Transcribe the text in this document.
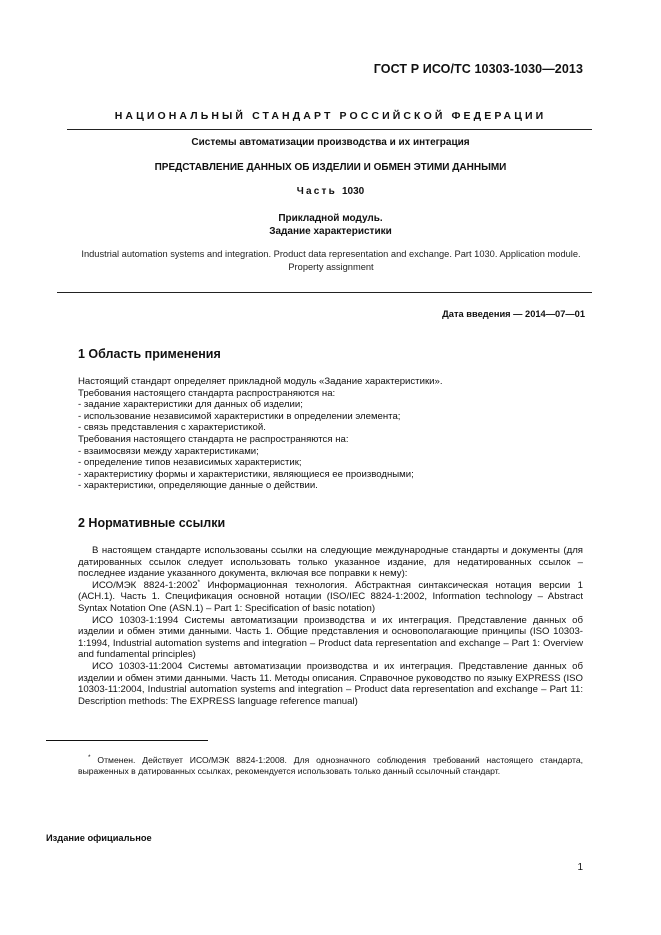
ГОСТ Р ИСО/ТС 10303-1030—2013
НАЦИОНАЛЬНЫЙ СТАНДАРТ РОССИЙСКОЙ ФЕДЕРАЦИИ
Системы автоматизации производства и их интеграция
ПРЕДСТАВЛЕНИЕ ДАННЫХ ОБ ИЗДЕЛИИ И ОБМЕН ЭТИМИ ДАННЫМИ
Часть 1030
Прикладной модуль.
Задание характеристики
Industrial automation systems and integration. Product data representation and exchange. Part 1030. Application module. Property assignment
Дата введения — 2014—07—01
1 Область применения

Настоящий стандарт определяет прикладной модуль «Задание характеристики».

Требования настоящего стандарта распространяются на:

- задание характеристики для данных об изделии;

- использование независимой характеристики в определении элемента;

- связь представления с характеристикой.

Требования настоящего стандарта не распространяются на:

- взаимосвязи между характеристиками;

- определение типов независимых характеристик;

- характеристику формы и характеристики, являющиеся ее производными;

- характеристики, определяющие данные о действии.

2 Нормативные ссылки

В настоящем стандарте использованы ссылки на следующие международные стандарты и документы (для датированных ссылок следует использовать только указанное издание, для недатированных ссылок – последнее издание указанного документа, включая все поправки к нему):

ИСО/МЭК 8824-1:2002* Информационная технология. Абстрактная синтаксическая нотация версии 1 (АСН.1). Часть 1. Спецификация основной нотации (ISO/IEC 8824-1:2002, Information technology – Abstract Syntax Notation One (ASN.1) – Part 1: Specification of basic notation)

ИСО 10303-1:1994 Системы автоматизации производства и их интеграция. Представление данных об изделии и обмен этими данными. Часть 1. Общие представления и основополагающие принципы (ISO 10303-1:1994, Industrial automation systems and integration – Product data representation and exchange – Part 1: Overview and fundamental principles)

ИСО 10303-11:2004 Системы автоматизации производства и их интеграция. Представление данных об изделии и обмен этими данными. Часть 11. Методы описания. Справочное руководство по языку EXPRESS (ISO 10303-11:2004, Industrial automation systems and integration – Product data representation and exchange – Part 11: Description methods: The EXPRESS language reference manual)

* Отменен. Действует ИСО/МЭК 8824-1:2008. Для однозначного соблюдения требований настоящего стандарта, выраженных в датированных ссылках, рекомендуется использовать только данный ссылочный стандарт.
Издание официальное
1
